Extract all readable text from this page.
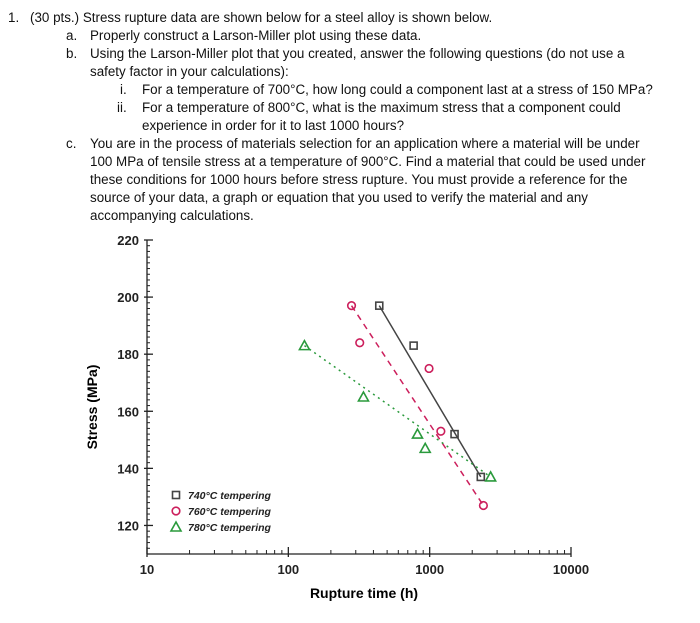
1. (30 pts.) Stress rupture data are shown below for a steel alloy is shown below.
a. Properly construct a Larson-Miller plot using these data.
b. Using the Larson-Miller plot that you created, answer the following questions (do not use a
safety factor in your calculations):
i. For a temperature of 700°C, how long could a component last at a stress of 150 MPa?
ii. For a temperature of 800°C, what is the maximum stress that a component could
experience in order for it to last 1000 hours?
c. You are in the process of materials selection for an application where a material will be under
100 MPa of tensile stress at a temperature of 900°C. Find a material that could be used under
these conditions for 1000 hours before stress rupture. You must provide a reference for the
source of your data, a graph or equation that you used to verify the material and any
accompanying calculations.
120
140
160
180
200
220
10	100	1000	10000
740°C tempering
760°C tempering
780°C tempering
Rupture time (h)
Stress (MPa)
